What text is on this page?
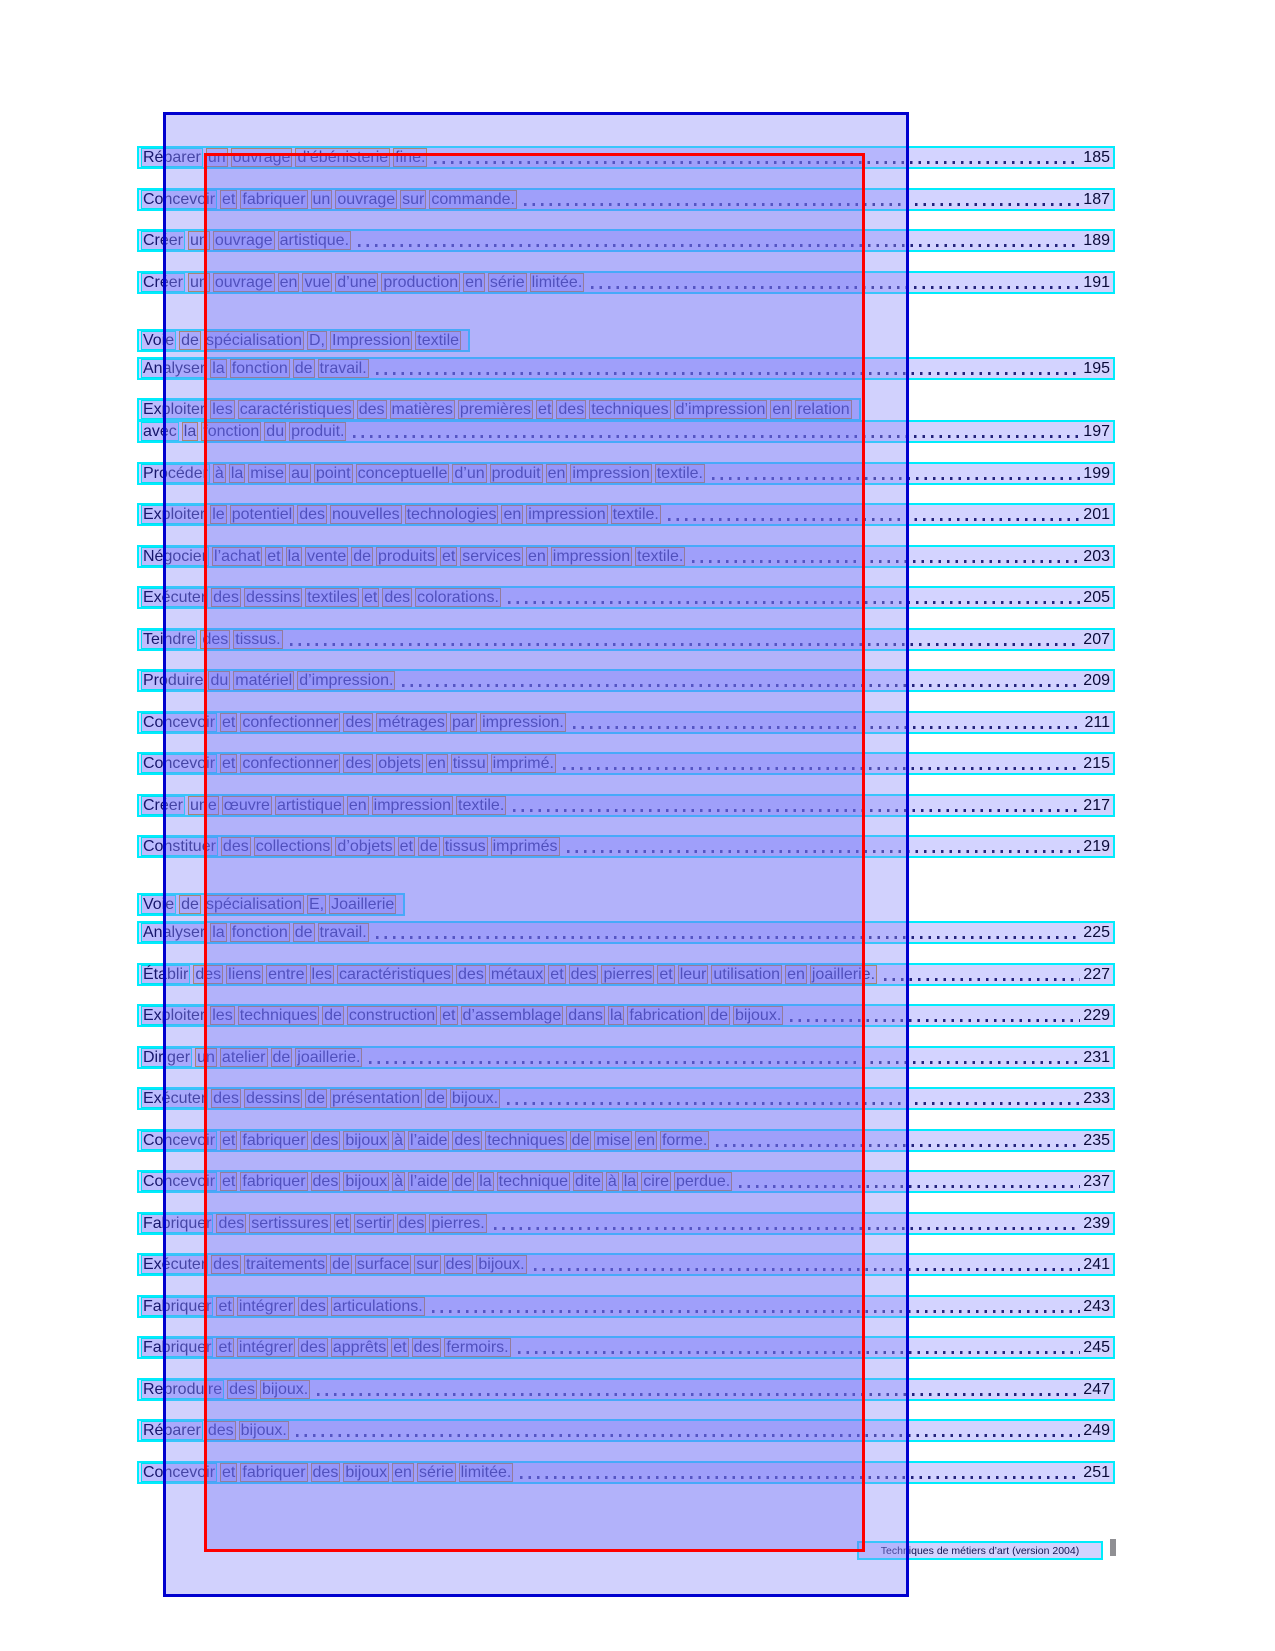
Réparer un ouvrage d’ébénisterie fine.	185
Concevoir et fabriquer un ouvrage sur commande.	187
Créer un ouvrage artistique.	189
Créer un ouvrage en vue d’une production en série limitée.	191
Voie de spécialisation D, Impression textile
Analyser la fonction de travail.	195
Exploiter les caractéristiques des matières premières et des techniques d’impression en relation
avec la fonction du produit.	197
Procéder à la mise au point conceptuelle d’un produit en impression textile.	199
Exploiter le potentiel des nouvelles technologies en impression textile.	201
Négocier l’achat et la vente de produits et services en impression textile.	203
Exécuter des dessins textiles et des colorations.	205
Teindre des tissus.	207
Produire du matériel d’impression.	209
Concevoir et confectionner des métrages par impression.	211
Concevoir et confectionner des objets en tissu imprimé.	215
Créer une œuvre artistique en impression textile.	217
Constituer des collections d’objets et de tissus imprimés	219
Voie de spécialisation E, Joaillerie
Analyser la fonction de travail.	225
Établir des liens entre les caractéristiques des métaux et des pierres et leur utilisation en joaillerie.	227
Exploiter les techniques de construction et d’assemblage dans la fabrication de bijoux.	229
Diriger un atelier de joaillerie.	231
Exécuter des dessins de présentation de bijoux.	233
Concevoir et fabriquer des bijoux à l’aide des techniques de mise en forme.	235
Concevoir et fabriquer des bijoux à l’aide de la technique dite à la cire perdue.	237
Fabriquer des sertissures et sertir des pierres.	239
Exécuter des traitements de surface sur des bijoux.	241
Fabriquer et intégrer des articulations.	243
Fabriquer et intégrer des apprêts et des fermoirs.	245
Reproduire des bijoux.	247
Réparer des bijoux.	249
Concevoir et fabriquer des bijoux en série limitée.	251
Techniques de métiers d’art (version 2004)
